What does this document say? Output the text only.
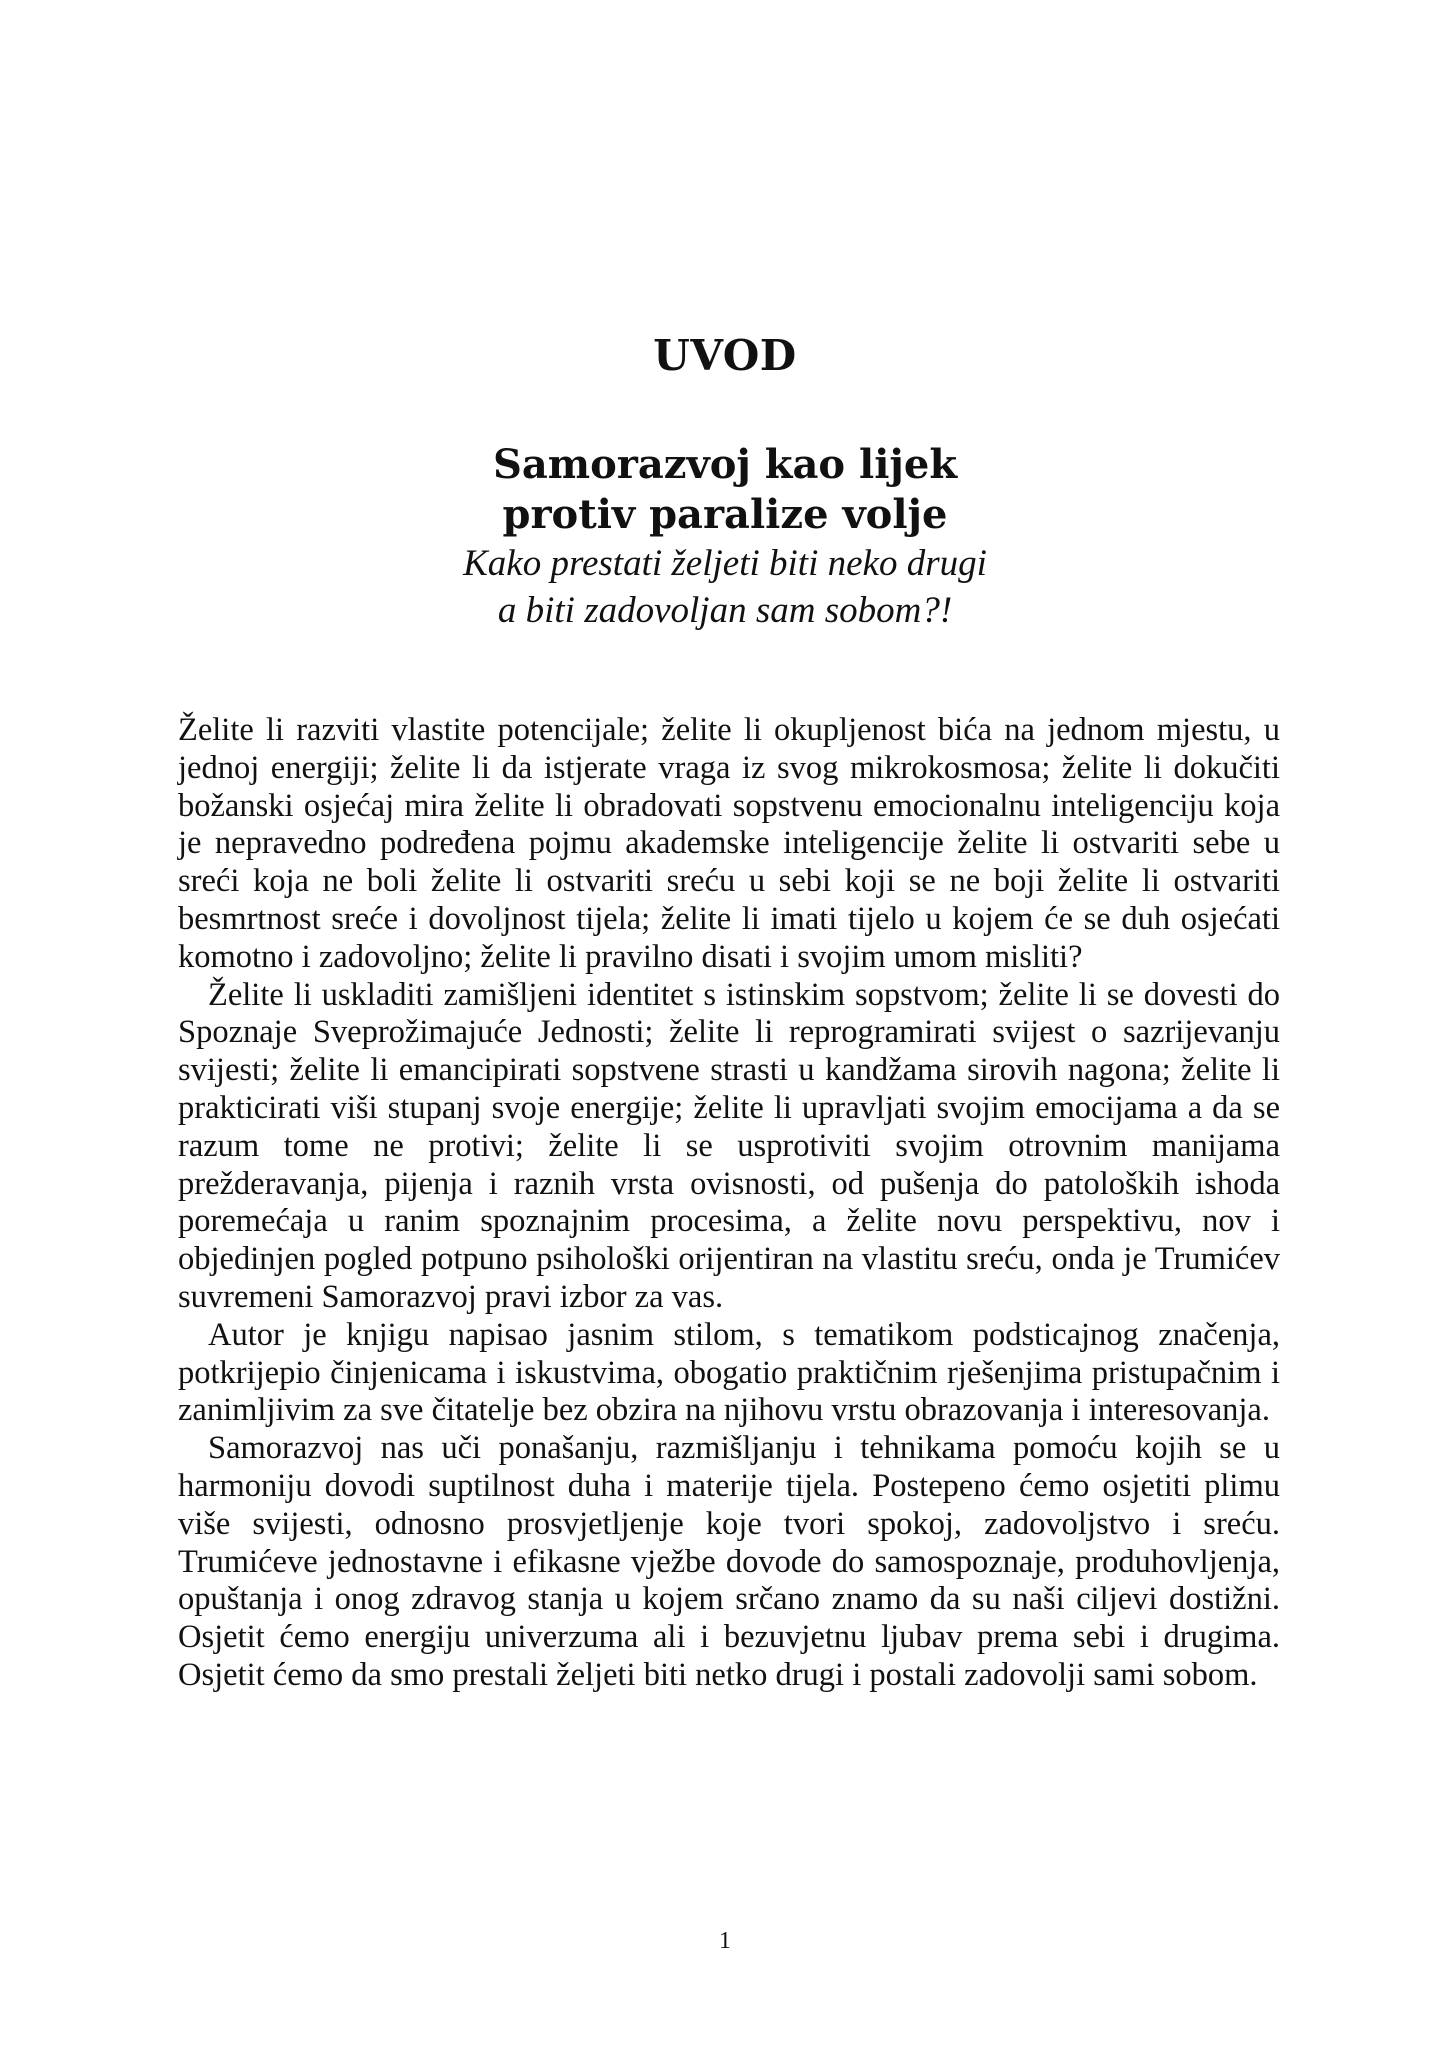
UVOD
Samorazvoj kao lijek
protiv paralize volje

Kako prestati željeti biti neko drugi

a biti zadovoljan sam sobom?!

Želite li razviti vlastite potencijale; želite li okupljenost bića na jednom mjestu, u jednoj energiji; želite li da istjerate vraga iz svog mikrokosmosa; želite li dokučiti božanski osjećaj mira želite li obradovati sopstvenu emocionalnu inteligenciju koja je nepravedno podređena pojmu akademske inteligencije želite li ostvariti sebe u sreći koja ne boli želite li ostvariti sreću u sebi koji se ne boji želite li ostvariti besmrtnost sreće i dovoljnost tijela; želite li imati tijelo u kojem će se duh osjećati komotno i zadovoljno; želite li pravilno disati i svojim umom misliti?

Želite li uskladiti zamišljeni identitet s istinskim sopstvom; želite li se dovesti do Spoznaje Sveprožimajuće Jednosti; želite li reprogramirati svijest o sazrijevanju svijesti; želite li emancipirati sopstvene strasti u kandžama sirovih nagona; želite li prakticirati viši stupanj svoje energije; želite li upravljati svojim emocijama a da se razum tome ne protivi; želite li se usprotiviti svojim otrovnim manijama prežderavanja, pijenja i raznih vrsta ovisnosti, od pušenja do patoloških ishoda poremećaja u ranim spoznajnim procesima, a želite novu perspektivu, nov i objedinjen pogled potpuno psihološki orijentiran na vlastitu sreću, onda je Trumićev suvremeni Samorazvoj pravi izbor za vas.

Autor je knjigu napisao jasnim stilom, s tematikom podsticajnog značenja, potkrijepio činjenicama i iskustvima, obogatio praktičnim rješenjima pristupačnim i zanimljivim za sve čitatelje bez obzira na njihovu vrstu obrazovanja i interesovanja.

Samorazvoj nas uči ponašanju, razmišljanju i tehnikama pomoću kojih se u harmoniju dovodi suptilnost duha i materije tijela. Postepeno ćemo osjetiti plimu više svijesti, odnosno prosvjetljenje koje tvori spokoj, zadovoljstvo i sreću. Trumićeve jednostavne i efikasne vježbe dovode do samospoznaje, produhovljenja, opuštanja i onog zdravog stanja u kojem srčano znamo da su naši ciljevi dostižni. Osjetit ćemo energiju univerzuma ali i bezuvjetnu ljubav prema sebi i drugima. Osjetit ćemo da smo prestali željeti biti netko drugi i postali zadovolji sami sobom.

1
